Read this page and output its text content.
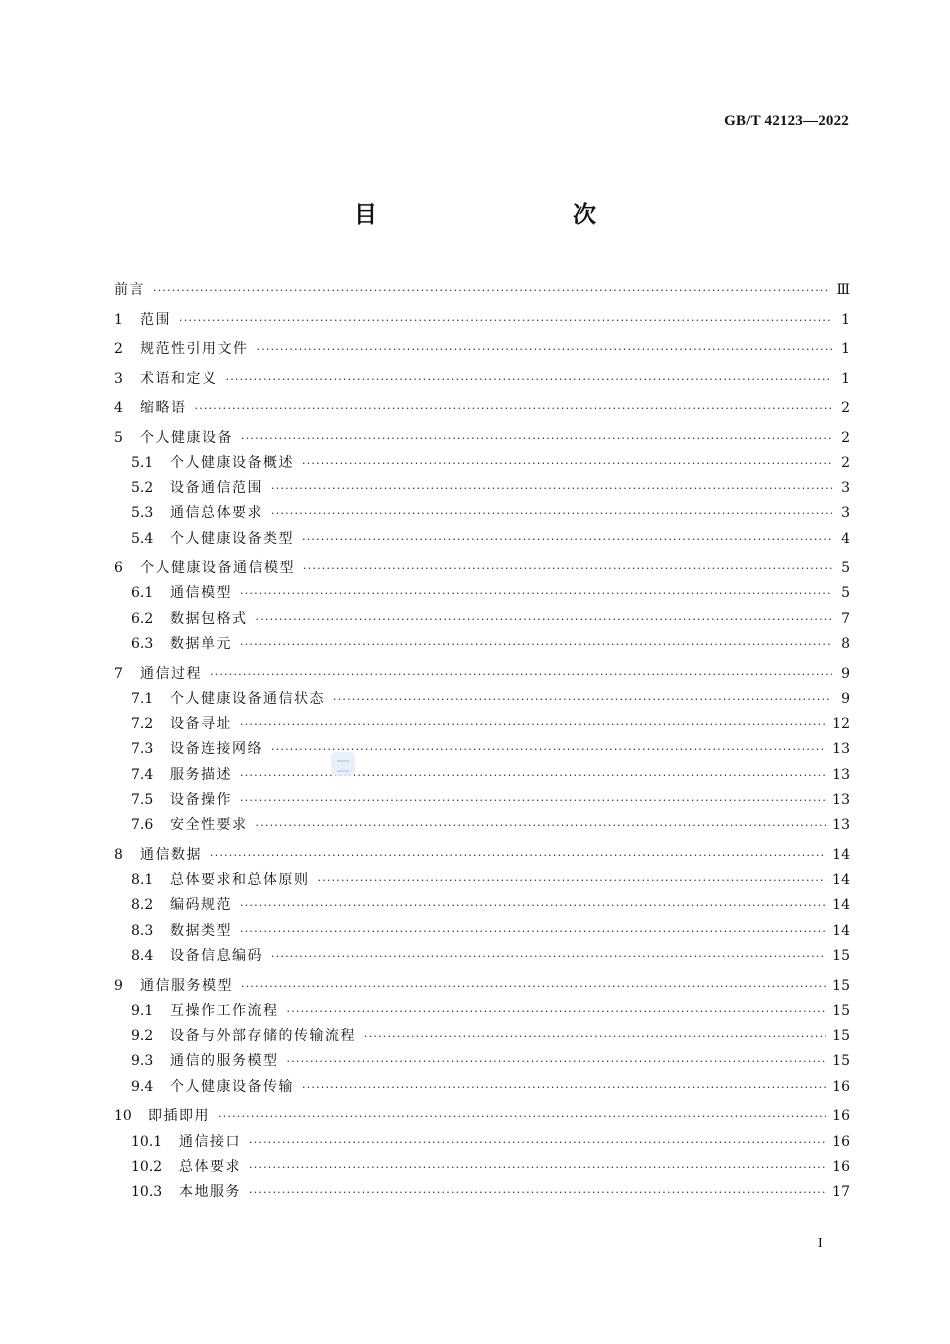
GB/T 42123—2022
目　　次
前言 ·····	Ⅲ
1	范围 ·····	1
2	规范性引用文件 ·····	1
3	术语和定义 ·····	1
4	缩略语 ·····	2
5	个人健康设备 ·····	2
5.1	个人健康设备概述 ·····	2
5.2	设备通信范围 ·····	3
5.3	通信总体要求 ·····	3
5.4	个人健康设备类型 ·····	4
6	个人健康设备通信模型 ·····	5
6.1	通信模型 ·····	5
6.2	数据包格式 ·····	7
6.3	数据单元 ·····	8
7	通信过程 ·····	9
7.1	个人健康设备通信状态 ·····	9
7.2	设备寻址 ·····	12
7.3	设备连接网络 ·····	13
7.4	服务描述 ·····	13
7.5	设备操作 ·····	13
7.6	安全性要求 ·····	13
8	通信数据 ·····	14
8.1	总体要求和总体原则 ·····	14
8.2	编码规范 ·····	14
8.3	数据类型 ·····	14
8.4	设备信息编码 ·····	15
9	通信服务模型 ·····	15
9.1	互操作工作流程 ·····	15
9.2	设备与外部存储的传输流程 ·····	15
9.3	通信的服务模型 ·····	15
9.4	个人健康设备传输 ·····	16
10	即插即用 ·····	16
10.1	通信接口 ·····	16
10.2	总体要求 ·····	16
10.3	本地服务 ·····	17
I
